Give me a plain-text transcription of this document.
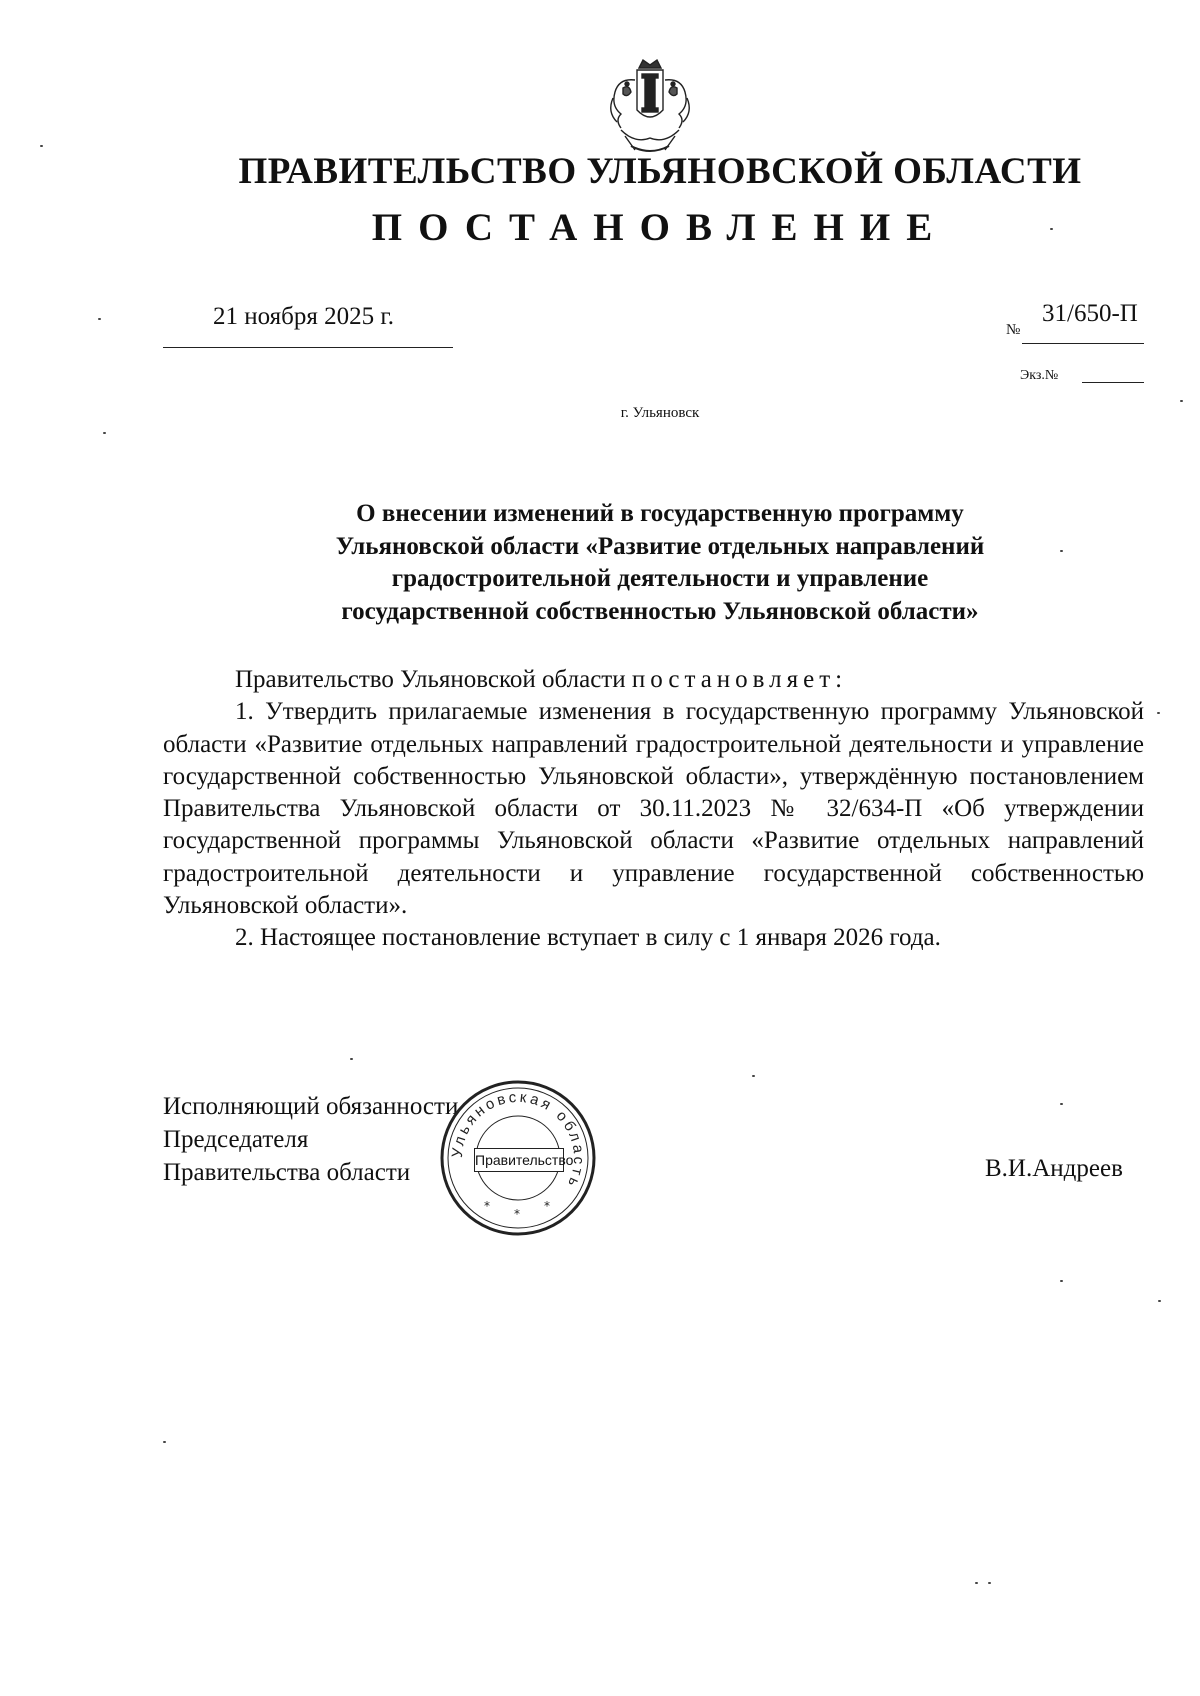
ПРАВИТЕЛЬСТВО УЛЬЯНОВСКОЙ ОБЛАСТИ
ПОСТАНОВЛЕНИЕ
21 ноября 2025 г.	№
31/650-П
Экз.№
г. Ульяновск
О внесении изменений в государственную программу
Ульяновской области «Развитие отдельных направлений
градостроительной деятельности и управление
государственной собственностью Ульяновской области»

Правительство Ульяновской области постановляет:

1. Утвердить прилагаемые изменения в государственную программу Ульяновской области «Развитие отдельных направлений градостроительной деятельности и управление государственной собственностью Ульяновской области», утверждённую постановлением Правительства Ульяновской области от 30.11.2023 № 32/634-П «Об утверждении государственной программы Ульяновской области «Развитие отдельных направлений градостроительной деятельности и управление государственной собственностью Ульяновской области».

2. Настоящее постановление вступает в силу с 1 января 2026 года.

Исполняющий обязанности
Председателя
Правительства области
Ульяновская область
*
*
*
Правительство	В.И.Андреев
